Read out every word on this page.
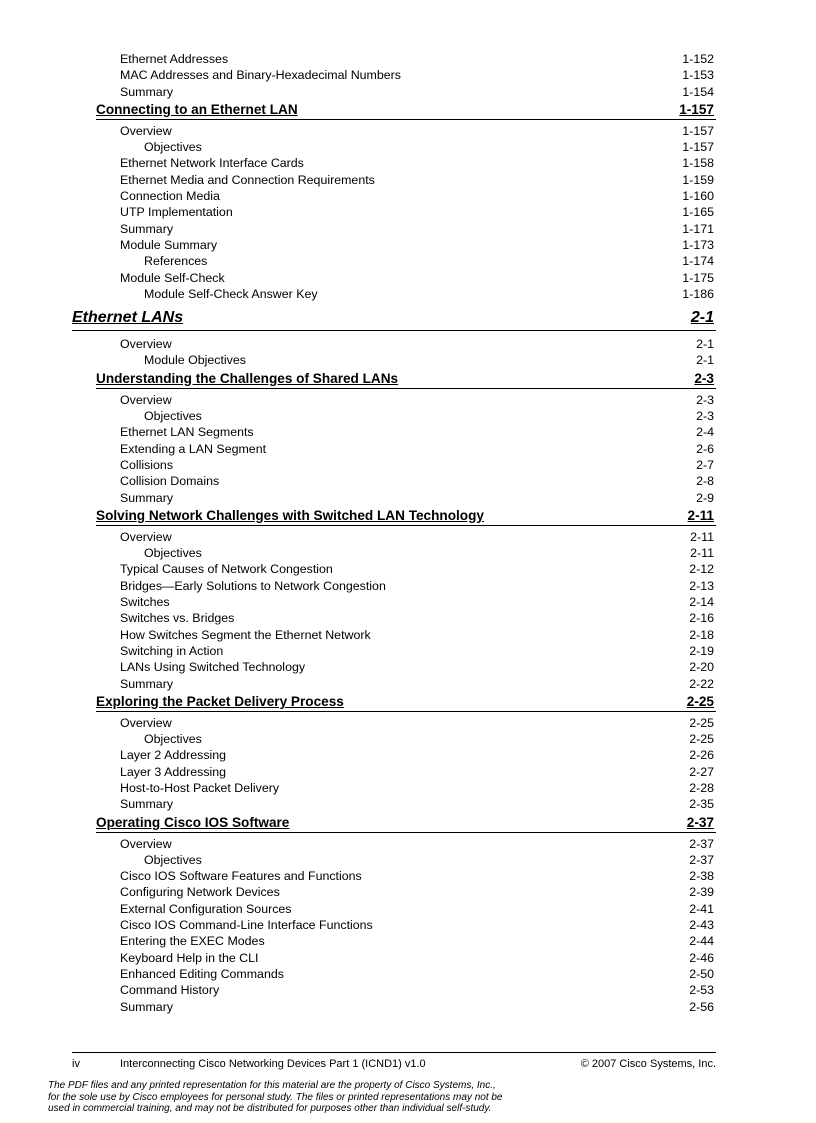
Ethernet Addresses	1-152
MAC Addresses and Binary-Hexadecimal Numbers	1-153
Summary	1-154
Connecting to an Ethernet LAN	1-157
Overview	1-157
Objectives	1-157
Ethernet Network Interface Cards	1-158
Ethernet Media and Connection Requirements	1-159
Connection Media	1-160
UTP Implementation	1-165
Summary	1-171
Module Summary	1-173
References	1-174
Module Self-Check	1-175
Module Self-Check Answer Key	1-186
Ethernet LANs	2-1
Overview	2-1
Module Objectives	2-1
Understanding the Challenges of Shared LANs	2-3
Overview	2-3
Objectives	2-3
Ethernet LAN Segments	2-4
Extending a LAN Segment	2-6
Collisions	2-7
Collision Domains	2-8
Summary	2-9
Solving Network Challenges with Switched LAN Technology	2-11
Overview	2-11
Objectives	2-11
Typical Causes of Network Congestion	2-12
Bridges—Early Solutions to Network Congestion	2-13
Switches	2-14
Switches vs. Bridges	2-16
How Switches Segment the Ethernet Network	2-18
Switching in Action	2-19
LANs Using Switched Technology	2-20
Summary	2-22
Exploring the Packet Delivery Process	2-25
Overview	2-25
Objectives	2-25
Layer 2 Addressing	2-26
Layer 3 Addressing	2-27
Host-to-Host Packet Delivery	2-28
Summary	2-35
Operating Cisco IOS Software	2-37
Overview	2-37
Objectives	2-37
Cisco IOS Software Features and Functions	2-38
Configuring Network Devices	2-39
External Configuration Sources	2-41
Cisco IOS Command-Line Interface Functions	2-43
Entering the EXEC Modes	2-44
Keyboard Help in the CLI	2-46
Enhanced Editing Commands	2-50
Command History	2-53
Summary	2-56
iv	Interconnecting Cisco Networking Devices Part 1 (ICND1) v1.0	© 2007 Cisco Systems, Inc.
The PDF files and any printed representation for this material are the property of Cisco Systems, Inc.,
for the sole use by Cisco employees for personal study. The files or printed representations may not be
used in commercial training, and may not be distributed for purposes other than individual self-study.
